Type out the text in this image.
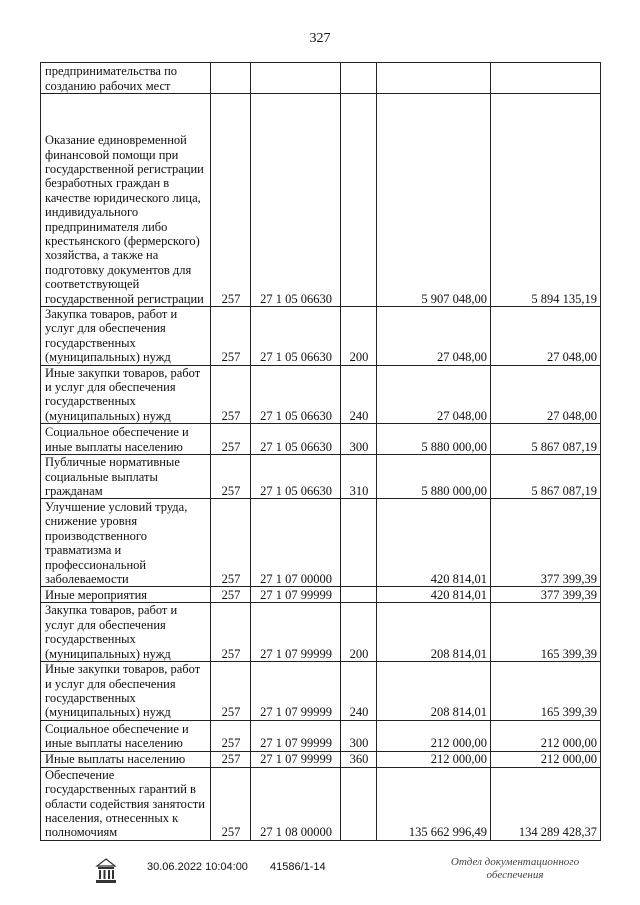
327
предпринимательства по созданию рабочих мест					
Оказание единовременной финансовой помощи при государственной регистрации безработных граждан в качестве юридического лица, индивидуального предпринимателя либо крестьянского (фермерского) хозяйства, а также на подготовку документов для соответствующей государственной регистрации	257	27 1 05 06630		5 907 048,00	5 894 135,19
Закупка товаров, работ и услуг для обеспечения государственных (муниципальных) нужд	257	27 1 05 06630	200	27 048,00	27 048,00
Иные закупки товаров, работ и услуг для обеспечения государственных (муниципальных) нужд	257	27 1 05 06630	240	27 048,00	27 048,00
Социальное обеспечение и иные выплаты населению	257	27 1 05 06630	300	5 880 000,00	5 867 087,19
Публичные нормативные социальные выплаты гражданам	257	27 1 05 06630	310	5 880 000,00	5 867 087,19
Улучшение условий труда, снижение уровня производственного травматизма и профессиональной заболеваемости	257	27 1 07 00000		420 814,01	377 399,39
Иные мероприятия	257	27 1 07 99999		420 814,01	377 399,39
Закупка товаров, работ и услуг для обеспечения государственных (муниципальных) нужд	257	27 1 07 99999	200	208 814,01	165 399,39
Иные закупки товаров, работ и услуг для обеспечения государственных (муниципальных) нужд	257	27 1 07 99999	240	208 814,01	165 399,39
Социальное обеспечение и иные выплаты населению	257	27 1 07 99999	300	212 000,00	212 000,00
Иные выплаты населению	257	27 1 07 99999	360	212 000,00	212 000,00
Обеспечение государственных гарантий в области содействия занятости населения, отнесенных к полномочиям	257	27 1 08 00000		135 662 996,49	134 289 428,37
30.06.2022 10:04:00 41586/1-14	Отдел документационного обеспечения
